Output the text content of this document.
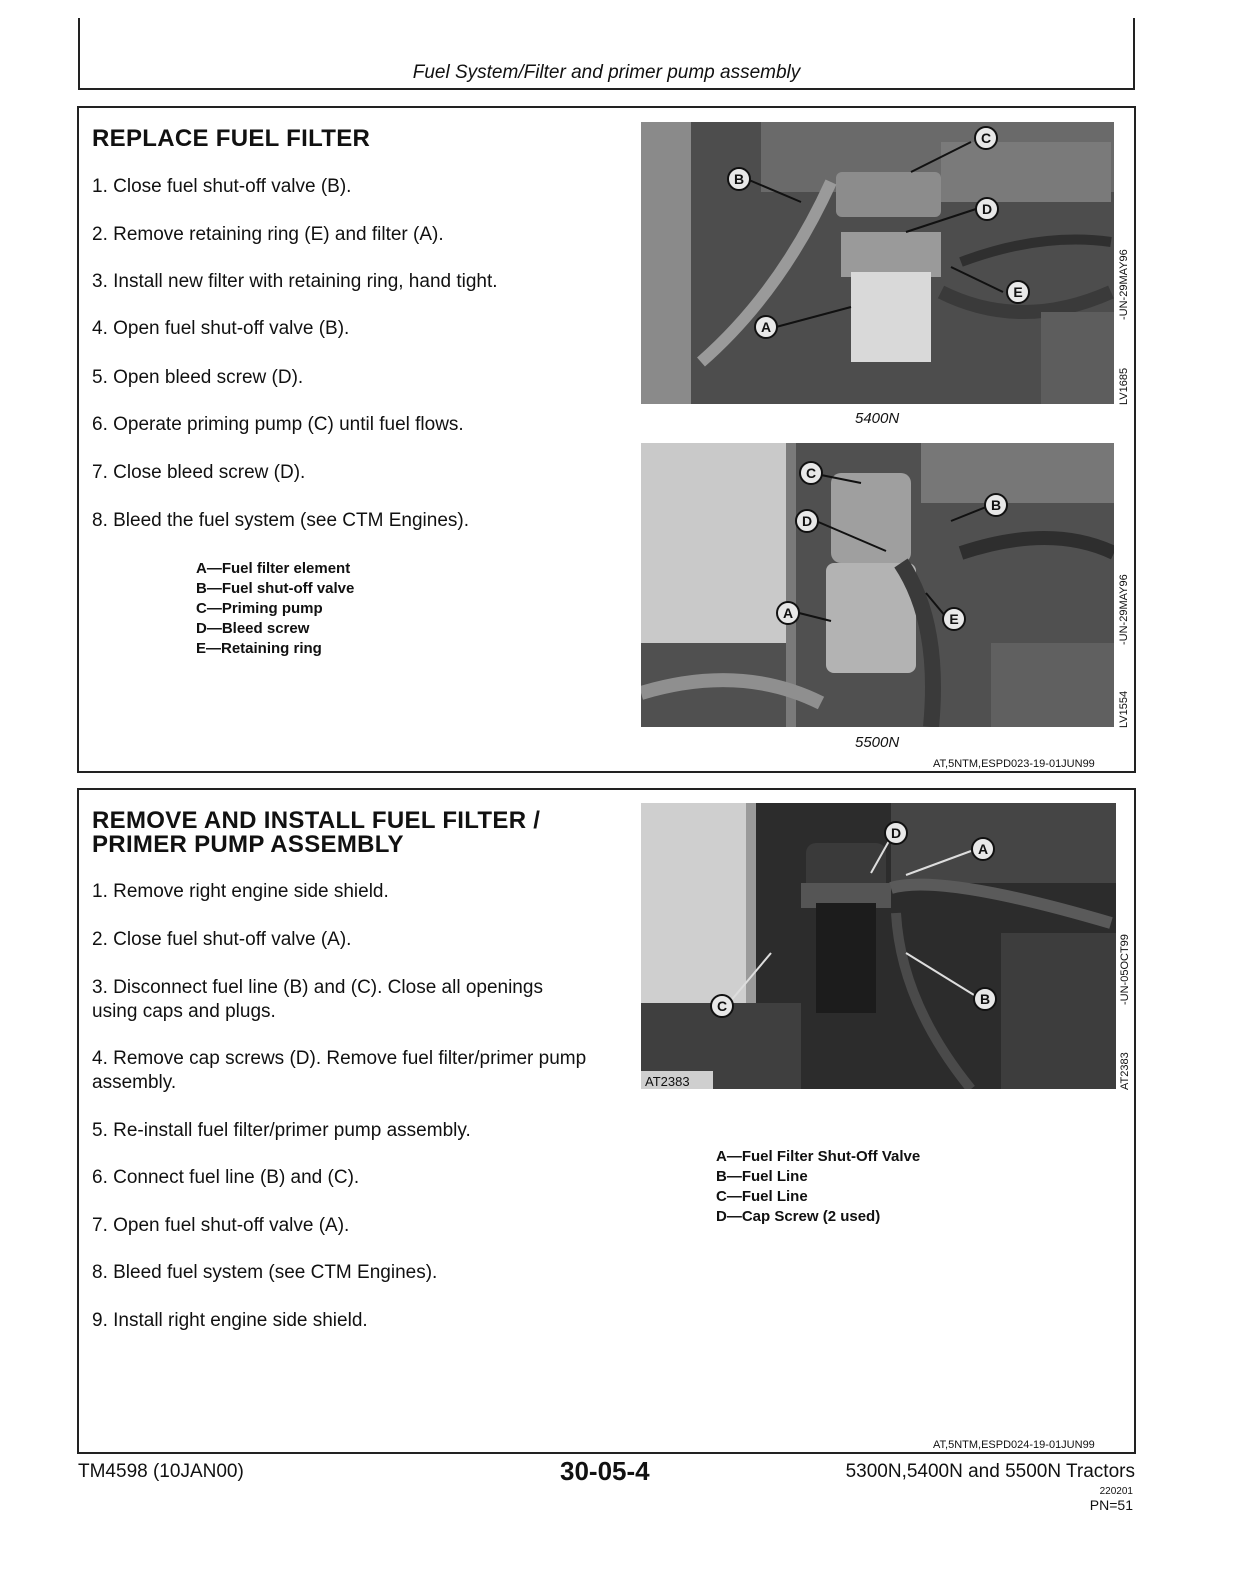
Fuel System/Filter and primer pump assembly
REPLACE FUEL FILTER
1. Close fuel shut-off valve (B).
2. Remove retaining ring (E) and filter (A).
3. Install new filter with retaining ring, hand tight.
4. Open fuel shut-off valve (B).
5. Open bleed screw (D).
6. Operate priming pump (C) until fuel flows.
7. Close bleed screw (D).
8. Bleed the fuel system (see CTM Engines).
A—Fuel filter element
B—Fuel shut-off valve
C—Priming pump
D—Bleed screw
E—Retaining ring
B
A
C
D
E
5400N
LV1685
-UN-29MAY96
C
D
A
B
E
5500N
LV1554
-UN-29MAY96
AT,5NTM,ESPD023-19-01JUN99
REMOVE AND INSTALL FUEL FILTER /
PRIMER PUMP ASSEMBLY
1. Remove right engine side shield.
2. Close fuel shut-off valve (A).
3. Disconnect fuel line (B) and (C). Close all openings using caps and plugs.
4. Remove cap screws (D). Remove fuel filter/primer pump assembly.
5. Re-install fuel filter/primer pump assembly.
6. Connect fuel line (B) and (C).
7. Open fuel shut-off valve (A).
8. Bleed fuel system (see CTM Engines).
9. Install right engine side shield.
D
A
B
C
AT2383	AT2383
-UN-05OCT99
A—Fuel Filter Shut-Off Valve
B—Fuel Line
C—Fuel Line
D—Cap Screw (2 used)
AT,5NTM,ESPD024-19-01JUN99
TM4598 (10JAN00)	30-05-4	5300N,5400N and 5500N Tractors
220201
PN=51
